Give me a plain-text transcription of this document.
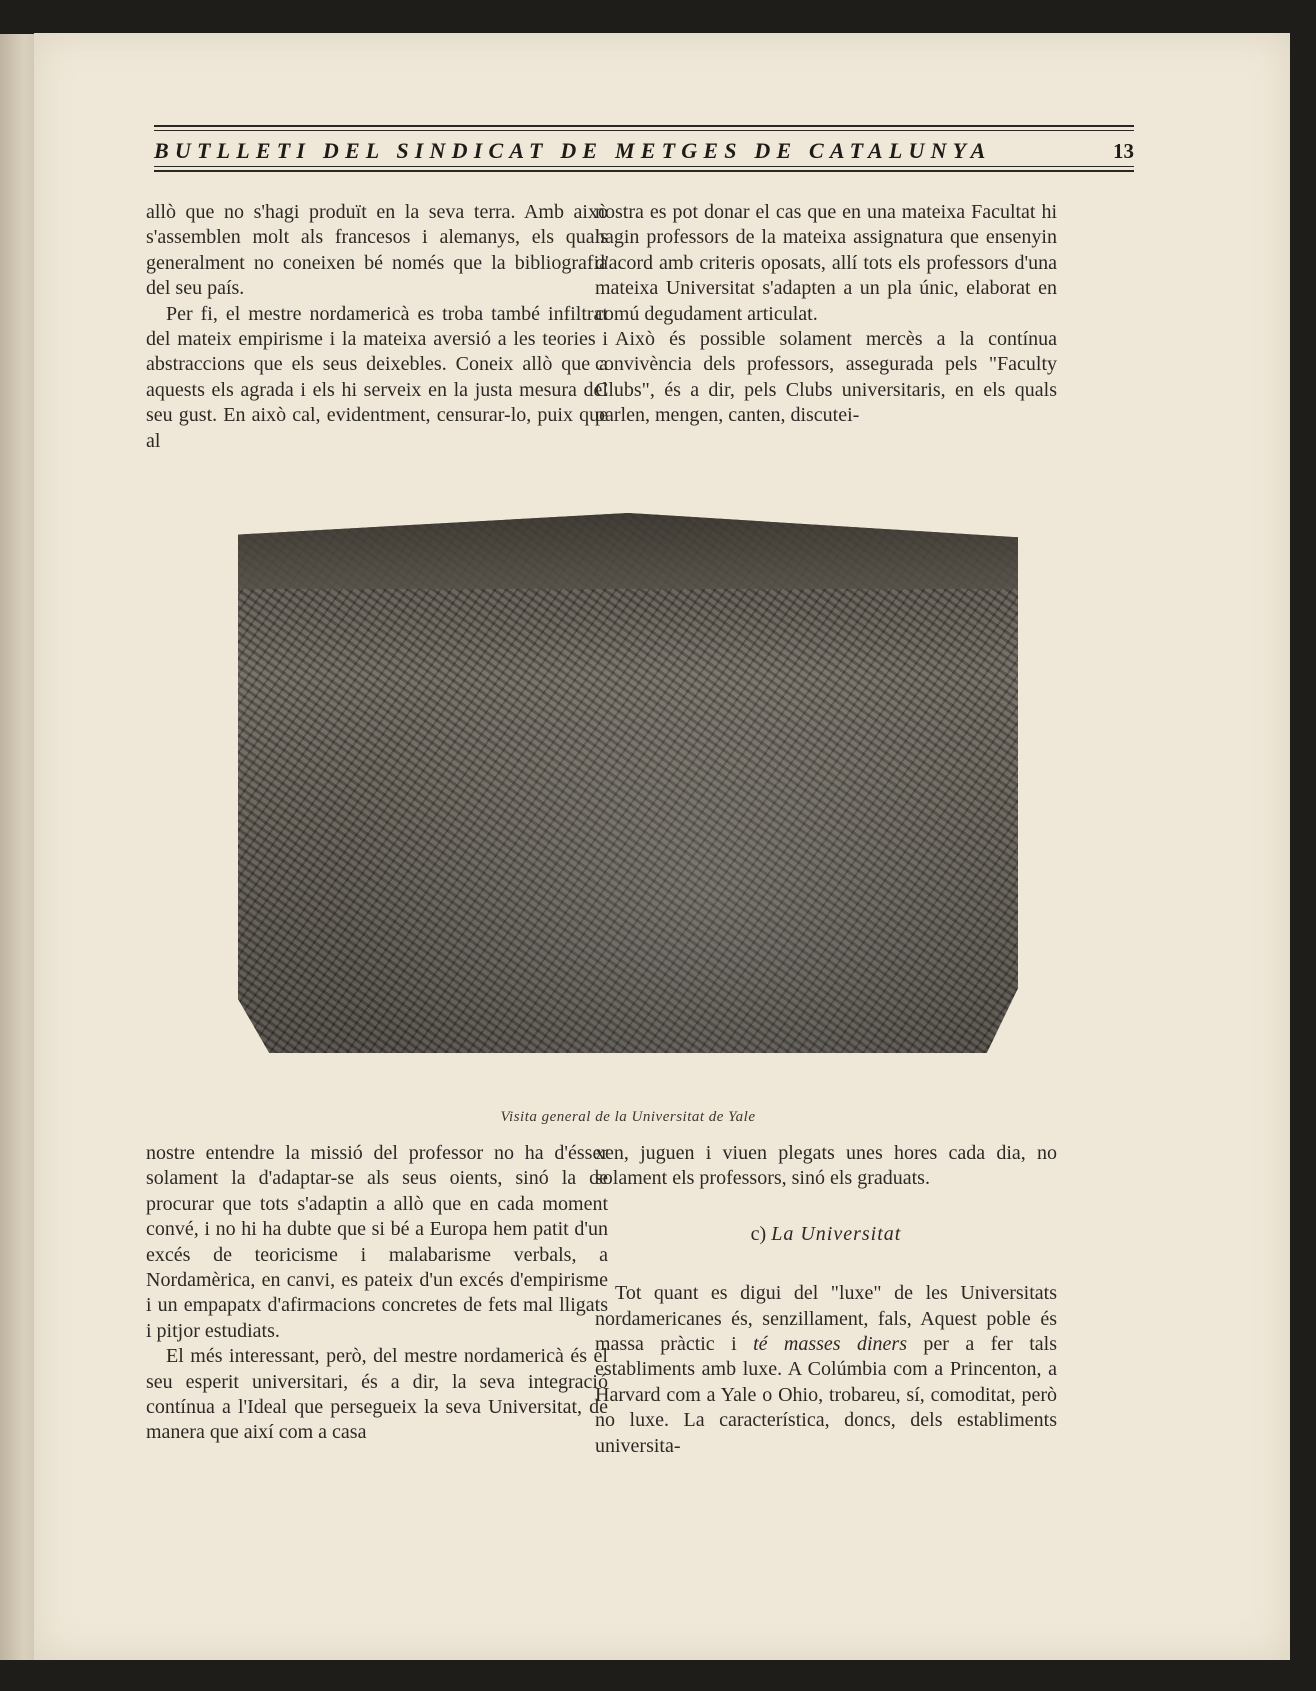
BUTLLETI DEL SINDICAT DE METGES DE CATALUNYA	13

allò que no s'hagi produït en la seva terra. Amb això s'assemblen molt als francesos i alemanys, els quals generalment no coneixen bé només que la bibliografia del seu país.

Per fi, el mestre nordamericà es troba també infiltrat del mateix empirisme i la mateixa aversió a les teories i abstraccions que els seus deixebles. Coneix allò que a aquests els agrada i els hi serveix en la justa mesura del seu gust. En això cal, evidentment, censurar-lo, puix que al

nostra es pot donar el cas que en una mateixa Facultat hi hagin professors de la mateixa assignatura que ensenyin d'acord amb criteris oposats, allí tots els professors d'una mateixa Universitat s'adapten a un pla únic, elaborat en comú degudament articulat.

Això és possible solament mercès a la contínua convivència dels professors, assegurada pels "Faculty Clubs", és a dir, pels Clubs universitaris, en els quals parlen, mengen, canten, discutei-

Visita general de la Universitat de Yale

nostre entendre la missió del professor no ha d'ésser solament la d'adaptar-se als seus oients, sinó la de procurar que tots s'adaptin a allò que en cada moment convé, i no hi ha dubte que si bé a Europa hem patit d'un excés de teoricisme i malabarisme verbals, a Nordamèrica, en canvi, es pateix d'un excés d'empirisme i un empapatx d'afirmacions concretes de fets mal lligats i pitjor estudiats.

El més interessant, però, del mestre nordamericà és el seu esperit universitari, és a dir, la seva integració contínua a l'Ideal que persegueix la seva Universitat, de manera que així com a casa

xen, juguen i viuen plegats unes hores cada dia, no solament els professors, sinó els graduats.

c) La Universitat

Tot quant es digui del "luxe" de les Universitats nordamericanes és, senzillament, fals, Aquest poble és massa pràctic i té masses diners per a fer tals establiments amb luxe. A Colúmbia com a Princenton, a Harvard com a Yale o Ohio, trobareu, sí, comoditat, però no luxe. La característica, doncs, dels establiments universita-
